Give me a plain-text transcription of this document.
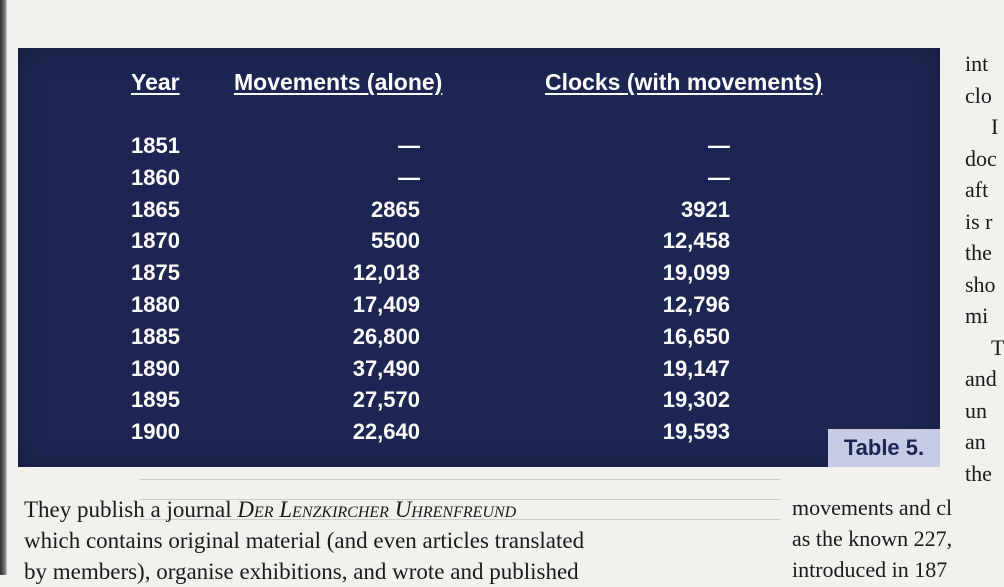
Year Movements (alone)	Clocks (with movements)
1851	—	—
1860	—	—
1865	2865	3921
1870	5500	12,458
1875	12,018	19,099
1880	17,409	12,796
1885	26,800	16,650
1890	37,490	19,147
1895	27,570	19,302
1900	22,640	19,593
Table 5.
They publish a journal Der Lenzkircher Uhrenfreund
which contains original material (and even articles translated
by members), organise exhibitions, and wrote and published
int
clo
I
doc
aft
is r
the
sho
mi
T
and
un
an
the
movements and cl
as the known 227,
introduced in 187
